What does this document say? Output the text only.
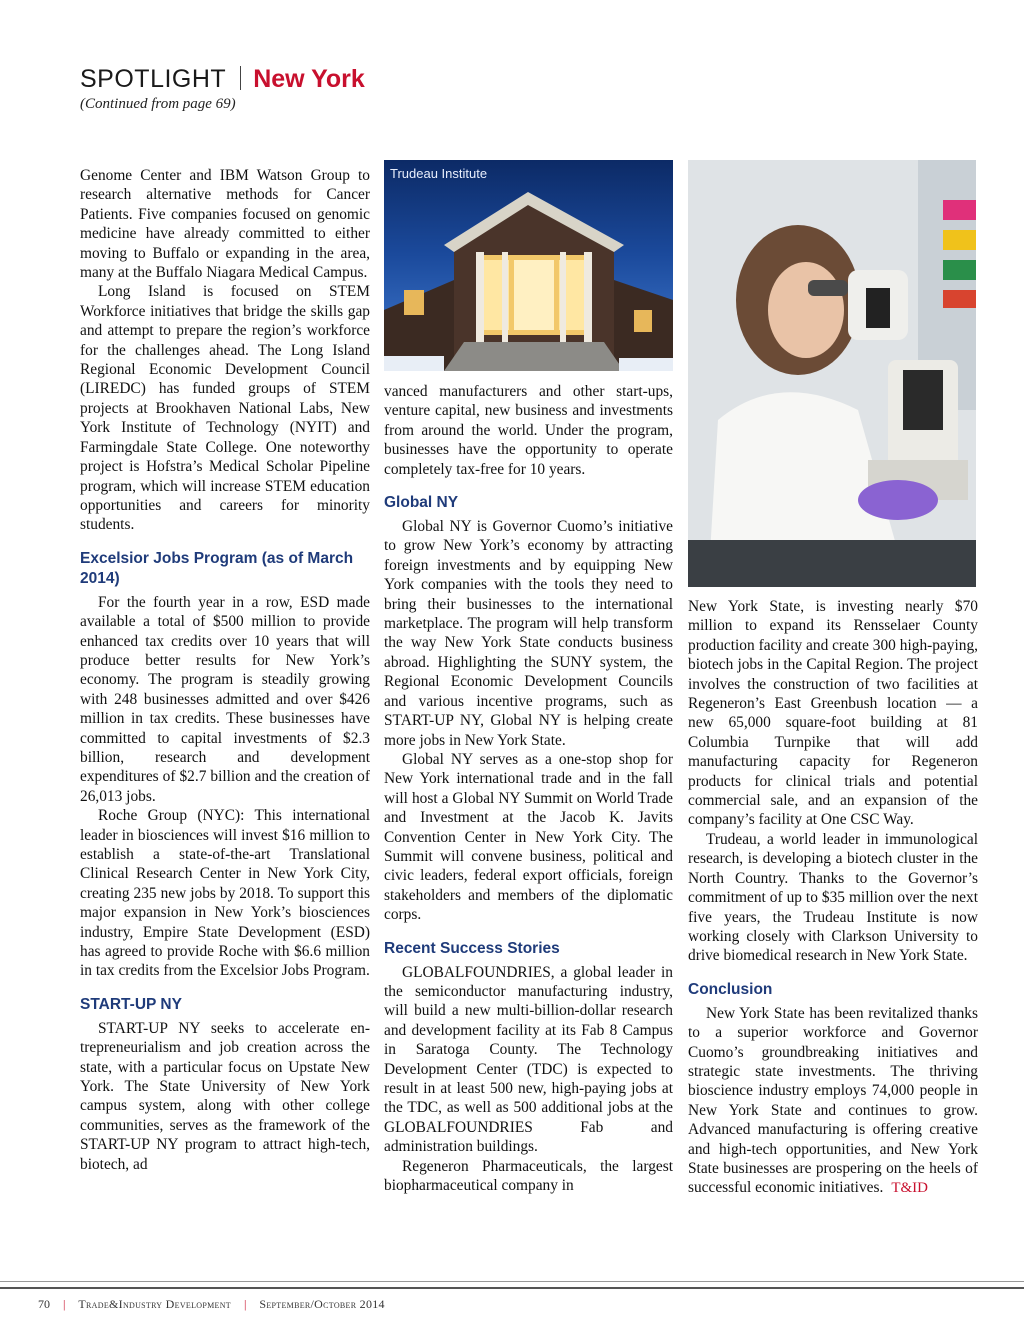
SPOTLIGHT New York
(Continued from page 69)

Genome Center and IBM Watson Group to research alternative methods for Cancer Patients. Five companies focused on genomic medicine have already committed to either moving to Buffalo or expanding in the area, many at the Buffalo Niagara Medical Campus.

Long Island is focused on STEM Workforce initiatives that bridge the skills gap and attempt to prepare the region’s workforce for the challenges ahead. The Long Island Regional Economic Development Council (LIREDC) has funded groups of STEM projects at Brookhaven National Labs, New York Institute of Technology (NYIT) and Farmingdale State College. One noteworthy project is Hofstra’s Medical Scholar Pipeline program, which will increase STEM education opportunities and careers for minority students.

Excelsior Jobs Program (as of March 2014)

For the fourth year in a row, ESD made available a total of $500 million to provide enhanced tax credits over 10 years that will produce better results for New York’s economy. The program is steadily growing with 248 businesses admitted and over $426 million in tax credits. These businesses have committed to capital investments of $2.3 billion, research and development expenditures of $2.7 billion and the creation of 26,013 jobs.

Roche Group (NYC): This international leader in biosciences will invest $16 million to establish a state-of-the-art Translational Clinical Research Center in New York City, creating 235 new jobs by 2018. To support this major expansion in New York’s biosciences industry, Empire State Development (ESD) has agreed to provide Roche with $6.6 million in tax credits from the Excelsior Jobs Program.

START-UP NY

START-UP NY seeks to accelerate entrepreneurialism and job creation across the state, with a particular focus on Upstate New York. The State University of New York campus system, along with other college communities, serves as the framework of the START-UP NY program to attract high-tech, biotech, ad

Trudeau Institute

vanced manufacturers and other start-ups, venture capital, new business and investments from around the world. Under the program, businesses have the opportunity to operate completely tax-free for 10 years.

Global NY

Global NY is Governor Cuomo’s initiative to grow New York’s economy by attracting foreign investments and by equipping New York companies with the tools they need to bring their businesses to the international marketplace. The program will help transform the way New York State conducts business abroad. Highlighting the SUNY system, the Regional Economic Development Councils and various incentive programs, such as START-UP NY, Global NY is helping create more jobs in New York State.

Global NY serves as a one-stop shop for New York international trade and in the fall will host a Global NY Summit on World Trade and Investment at the Jacob K. Javits Convention Center in New York City. The Summit will convene business, political and civic leaders, federal export officials, foreign stakeholders and members of the diplomatic corps.

Recent Success Stories

GLOBALFOUNDRIES, a global leader in the semiconductor manufacturing industry, will build a new multi-billion-dollar research and development facility at its Fab 8 Campus in Saratoga County. The Technology Development Center (TDC) is expected to result in at least 500 new, high-paying jobs at the TDC, as well as 500 additional jobs at the GLOBALFOUNDRIES Fab and administration buildings.

Regeneron Pharmaceuticals, the largest biopharmaceutical company in

New York State, is investing nearly $70 million to expand its Rensselaer County production facility and create 300 high-paying, biotech jobs in the Capital Region. The project involves the construction of two facilities at Regeneron’s East Greenbush location — a new 65,000 square-foot building at 81 Columbia Turnpike that will add manufacturing capacity for Regeneron products for clinical trials and potential commercial sale, and an expansion of the company’s facility at One CSC Way.

Trudeau, a world leader in immunological research, is developing a biotech cluster in the North Country. Thanks to the Governor’s commitment of up to $35 million over the next five years, the Trudeau Institute is now working closely with Clarkson University to drive biomedical research in New York State.

Conclusion

New York State has been revitalized thanks to a superior workforce and Governor Cuomo’s groundbreaking initiatives and strategic state investments. The thriving bioscience industry employs 74,000 people in New York State and continues to grow. Advanced manufacturing is offering creative and high-tech opportunities, and New York State businesses are prospering on the heels of successful economic initiatives. T&ID

70 | Trade&Industry Development | September/October 2014
